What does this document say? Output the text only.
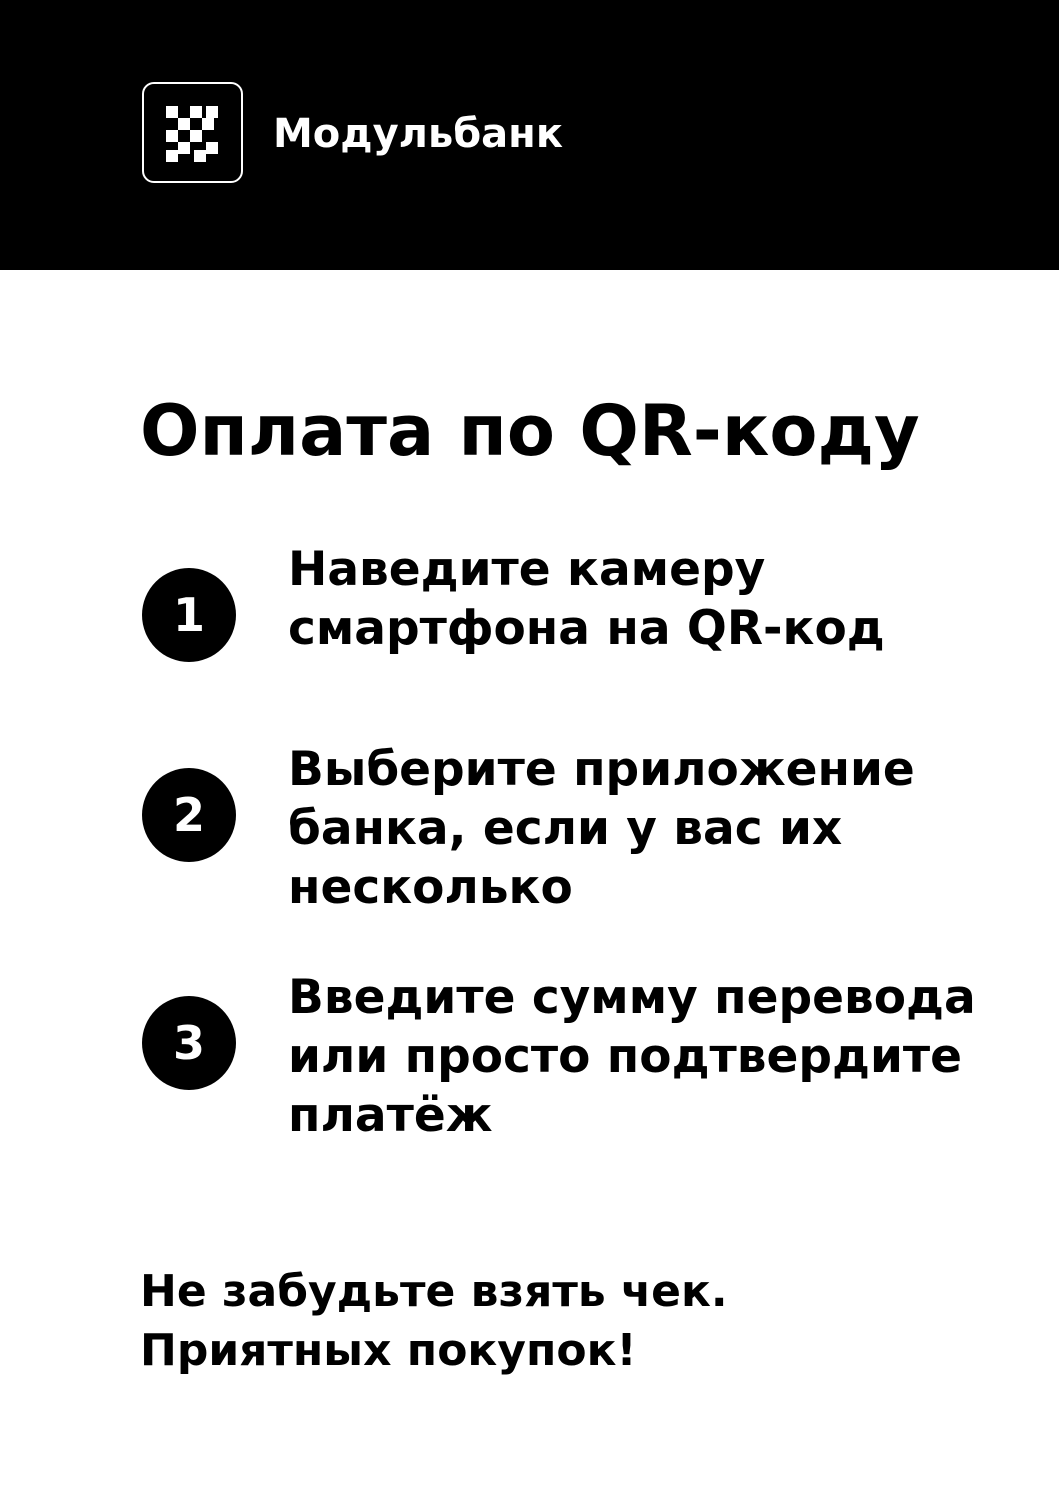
Модульбанк
Оплата по QR-коду
1
Наведите камеру
смартфона на QR-код
2
Выберите приложение
банка, если у вас их
несколько
3
Введите сумму перевода
или просто подтвердите
платёж
Не забудьте взять чек.
Приятных покупок!
